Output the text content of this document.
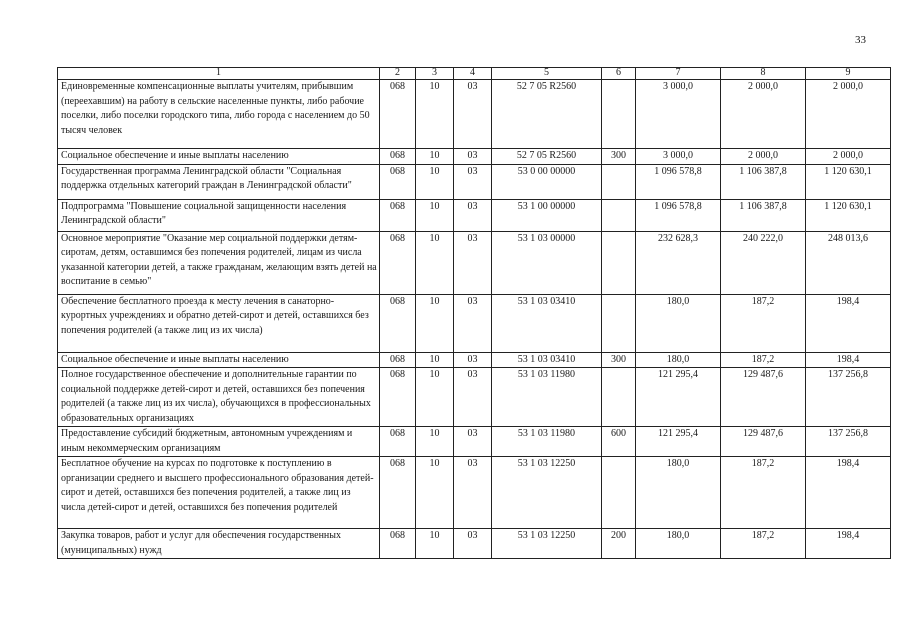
33
1	2	3	4	5	6	7	8	9
Единовременные компенсационные выплаты учителям, прибывшим (переехавшим) на работу в сельские населенные пункты, либо рабочие поселки, либо поселки городского типа, либо города с населением до 50 тысяч человек	068	10	03	52 7 05 R2560		3 000,0	2 000,0	2 000,0
Социальное обеспечение и иные выплаты населению	068	10	03	52 7 05 R2560	300	3 000,0	2 000,0	2 000,0
Государственная программа Ленинградской области "Социальная поддержка отдельных категорий граждан в Ленинградской области"	068	10	03	53 0 00 00000		1 096 578,8	1 106 387,8	1 120 630,1
Подпрограмма "Повышение социальной защищенности населения Ленинградской области"	068	10	03	53 1 00 00000		1 096 578,8	1 106 387,8	1 120 630,1
Основное мероприятие "Оказание мер социальной поддержки детям-сиротам, детям, оставшимся без попечения родителей, лицам из числа указанной категории детей, а также гражданам, желающим взять детей на воспитание в семью"	068	10	03	53 1 03 00000		232 628,3	240 222,0	248 013,6
Обеспечение бесплатного проезда к месту лечения в санаторно-курортных учреждениях и обратно детей-сирот и детей, оставшихся без попечения родителей (а также лиц из их числа)	068	10	03	53 1 03 03410		180,0	187,2	198,4
Социальное обеспечение и иные выплаты населению	068	10	03	53 1 03 03410	300	180,0	187,2	198,4
Полное государственное обеспечение и дополнительные гарантии по социальной поддержке детей-сирот и детей, оставшихся без попечения родителей (а также лиц из их числа), обучающихся в профессиональных образовательных организациях	068	10	03	53 1 03 11980		121 295,4	129 487,6	137 256,8
Предоставление субсидий бюджетным, автономным учреждениям и иным некоммерческим организациям	068	10	03	53 1 03 11980	600	121 295,4	129 487,6	137 256,8
Бесплатное обучение на курсах по подготовке к поступлению в организации среднего и высшего профессионального образования детей-сирот и детей, оставшихся без попечения родителей, а также лиц из числа детей-сирот и детей, оставшихся без попечения родителей	068	10	03	53 1 03 12250		180,0	187,2	198,4
Закупка товаров, работ и услуг для обеспечения государственных (муниципальных) нужд	068	10	03	53 1 03 12250	200	180,0	187,2	198,4
